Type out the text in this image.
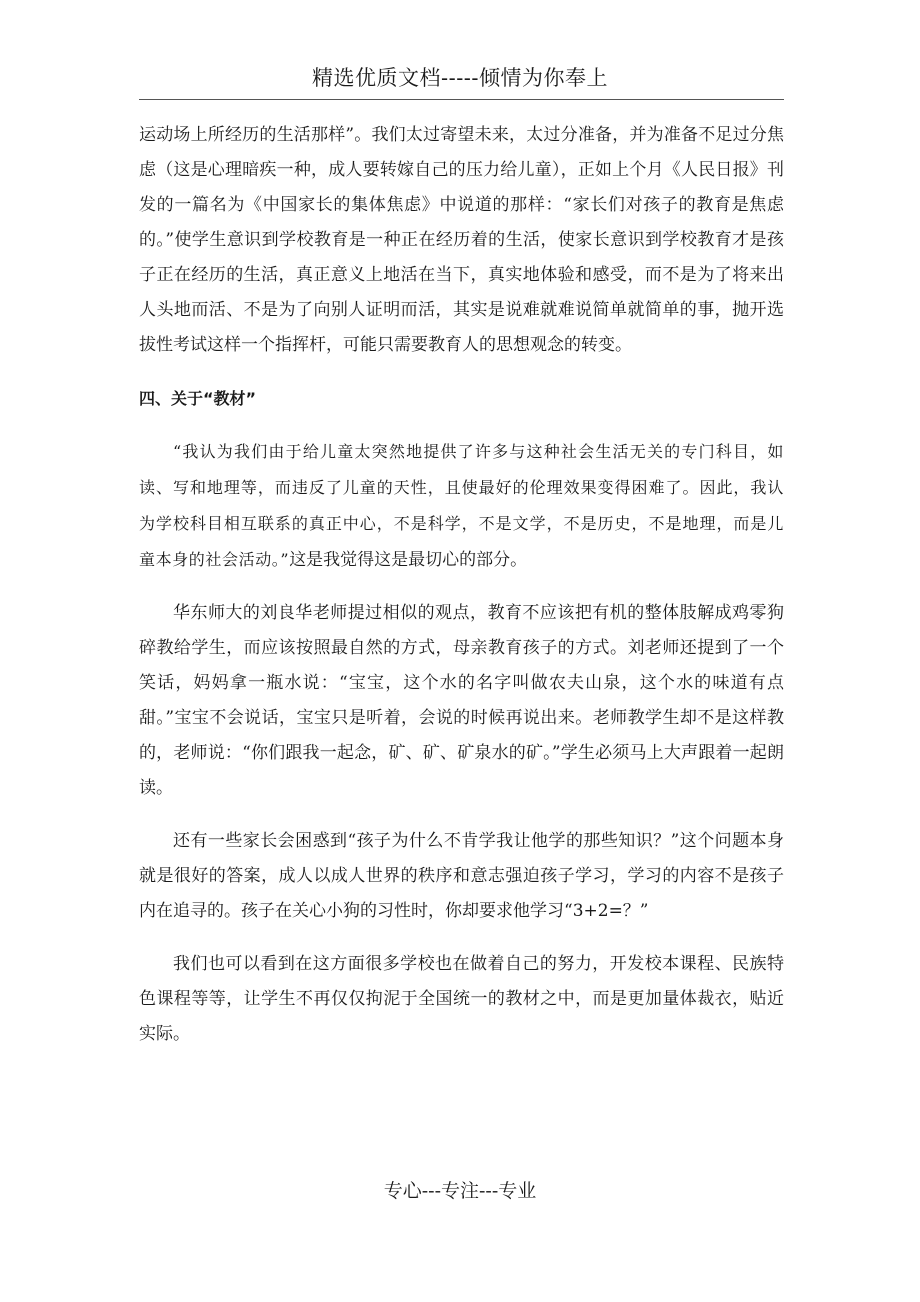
精选优质文档-----倾情为你奉上

运动场上所经历的生活那样”。我们太过寄望未来，太过分准备，并为准备不足过分焦虑（这是心理暗疾一种，成人要转嫁自己的压力给儿童），正如上个月《人民日报》刊发的一篇名为《中国家长的集体焦虑》中说道的那样：“家长们对孩子的教育是焦虑的。”使学生意识到学校教育是一种正在经历着的生活，使家长意识到学校教育才是孩子正在经历的生活，真正意义上地活在当下，真实地体验和感受，而不是为了将来出人头地而活、不是为了向别人证明而活，其实是说难就难说简单就简单的事，抛开选拔性考试这样一个指挥杆，可能只需要教育人的思想观念的转变。

四、关于“教材”

“我认为我们由于给儿童太突然地提供了许多与这种社会生活无关的专门科目，如读、写和地理等，而违反了儿童的天性，且使最好的伦理效果变得困难了。因此，我认为学校科目相互联系的真正中心，不是科学，不是文学，不是历史，不是地理，而是儿童本身的社会活动。”这是我觉得这是最切心的部分。

华东师大的刘良华老师提过相似的观点，教育不应该把有机的整体肢解成鸡零狗碎教给学生，而应该按照最自然的方式，母亲教育孩子的方式。刘老师还提到了一个笑话，妈妈拿一瓶水说：“宝宝，这个水的名字叫做农夫山泉，这个水的味道有点甜。”宝宝不会说话，宝宝只是听着，会说的时候再说出来。老师教学生却不是这样教的，老师说：“你们跟我一起念，矿、矿、矿泉水的矿。”学生必须马上大声跟着一起朗读。

还有一些家长会困惑到“孩子为什么不肯学我让他学的那些知识？”这个问题本身就是很好的答案，成人以成人世界的秩序和意志强迫孩子学习，学习的内容不是孩子内在追寻的。孩子在关心小狗的习性时，你却要求他学习“3+2=？”

我们也可以看到在这方面很多学校也在做着自己的努力，开发校本课程、民族特色课程等等，让学生不再仅仅拘泥于全国统一的教材之中，而是更加量体裁衣，贴近实际。

专心---专注---专业
